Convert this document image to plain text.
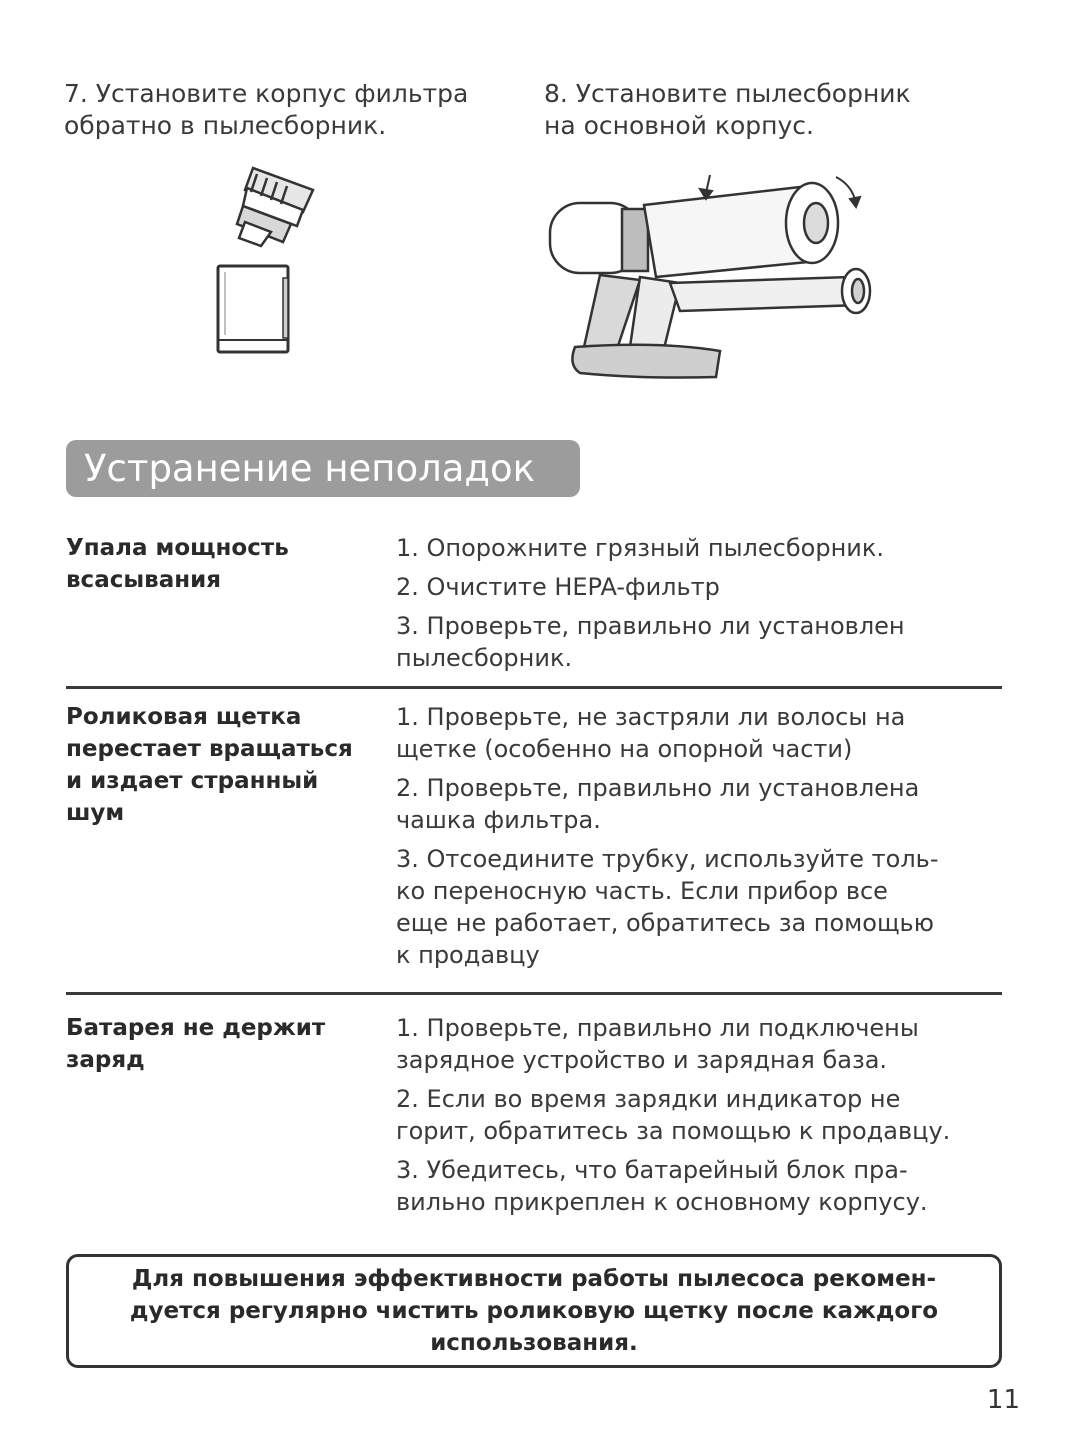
7. Установите корпус фильтра
обратно в пылесборник.

8. Установите пылесборник
на основной корпус.

Устранение неполадок
Упала мощность
всасывания

1. Опорожните грязный пылесборник.

2. Очистите HEPA-фильтр

3. Проверьте, правильно ли установлен
пылесборник.

Роликовая щетка
перестает вращаться
и издает странный
шум

1. Проверьте, не застряли ли волосы на
щетке (особенно на опорной части)

2. Проверьте, правильно ли установлена
чашка фильтра.

3. Отсоедините трубку, используйте толь-
ко переносную часть. Если прибор все
еще не работает, обратитесь за помощью
к продавцу

Батарея не держит
заряд

1. Проверьте, правильно ли подключены
зарядное устройство и зарядная база.

2. Если во время зарядки индикатор не
горит, обратитесь за помощью к продавцу.

3. Убедитесь, что батарейный блок пра-
вильно прикреплен к основному корпусу.

Для повышения эффективности работы пылесоса рекомен-
дуется регулярно чистить роликовую щетку после каждого
использования.

11
